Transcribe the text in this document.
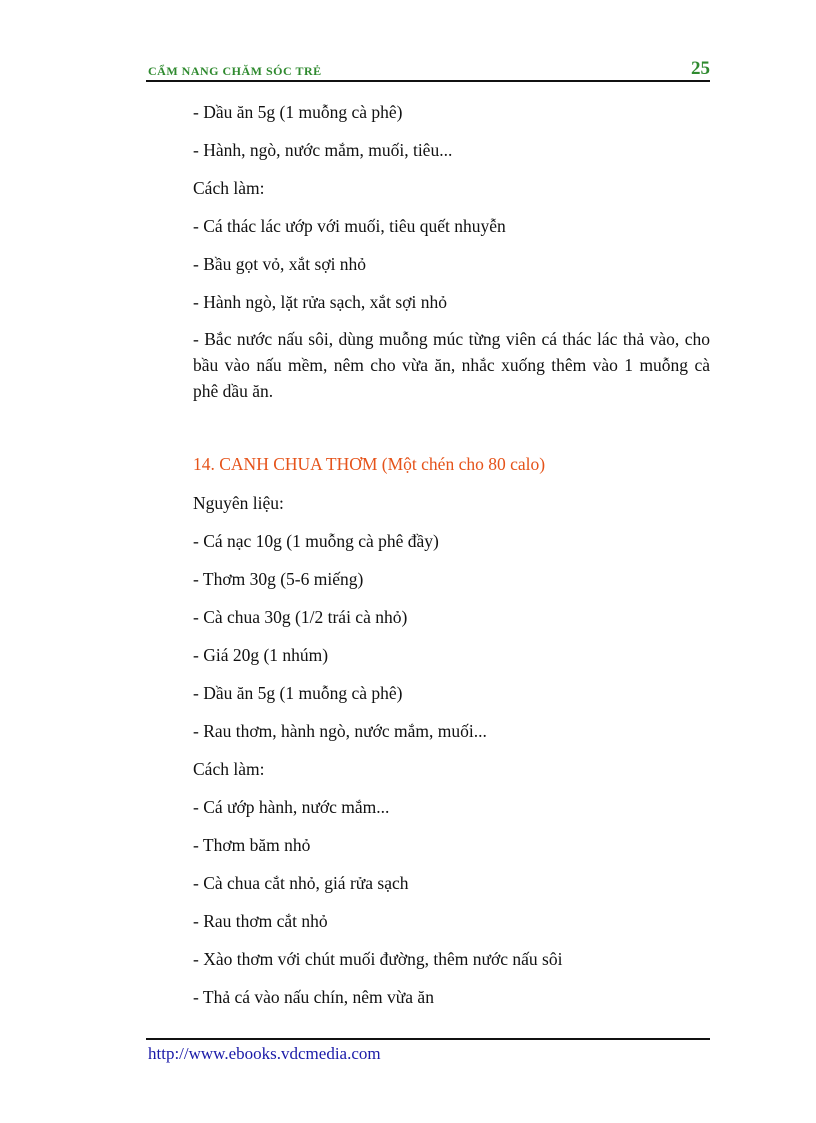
CẨM NANG CHĂM SÓC TRẺ	25
- Dầu ăn 5g (1 muỗng cà phê)
- Hành, ngò, nước mắm, muối, tiêu...
Cách làm:
- Cá thác lác ướp với muối, tiêu quết nhuyễn
- Bầu gọt vỏ, xắt sợi nhỏ
- Hành ngò, lặt rửa sạch, xắt sợi nhỏ
- Bắc nước nấu sôi, dùng muỗng múc từng viên cá thác lác thả vào, cho bầu vào nấu mềm, nêm cho vừa ăn, nhắc xuống thêm vào 1 muỗng cà phê dầu ăn.
14. CANH CHUA THƠM (Một chén cho 80 calo)
Nguyên liệu:
- Cá nạc 10g (1 muỗng cà phê đầy)
- Thơm 30g (5-6 miếng)
- Cà chua 30g (1/2 trái cà nhỏ)
- Giá 20g (1 nhúm)
- Dầu ăn 5g (1 muỗng cà phê)
- Rau thơm, hành ngò, nước mắm, muối...
Cách làm:
- Cá ướp hành, nước mắm...
- Thơm băm nhỏ
- Cà chua cắt nhỏ, giá rửa sạch
- Rau thơm cắt nhỏ
- Xào thơm với chút muối đường, thêm nước nấu sôi
- Thả cá vào nấu chín, nêm vừa ăn
http://www.ebooks.vdcmedia.com
